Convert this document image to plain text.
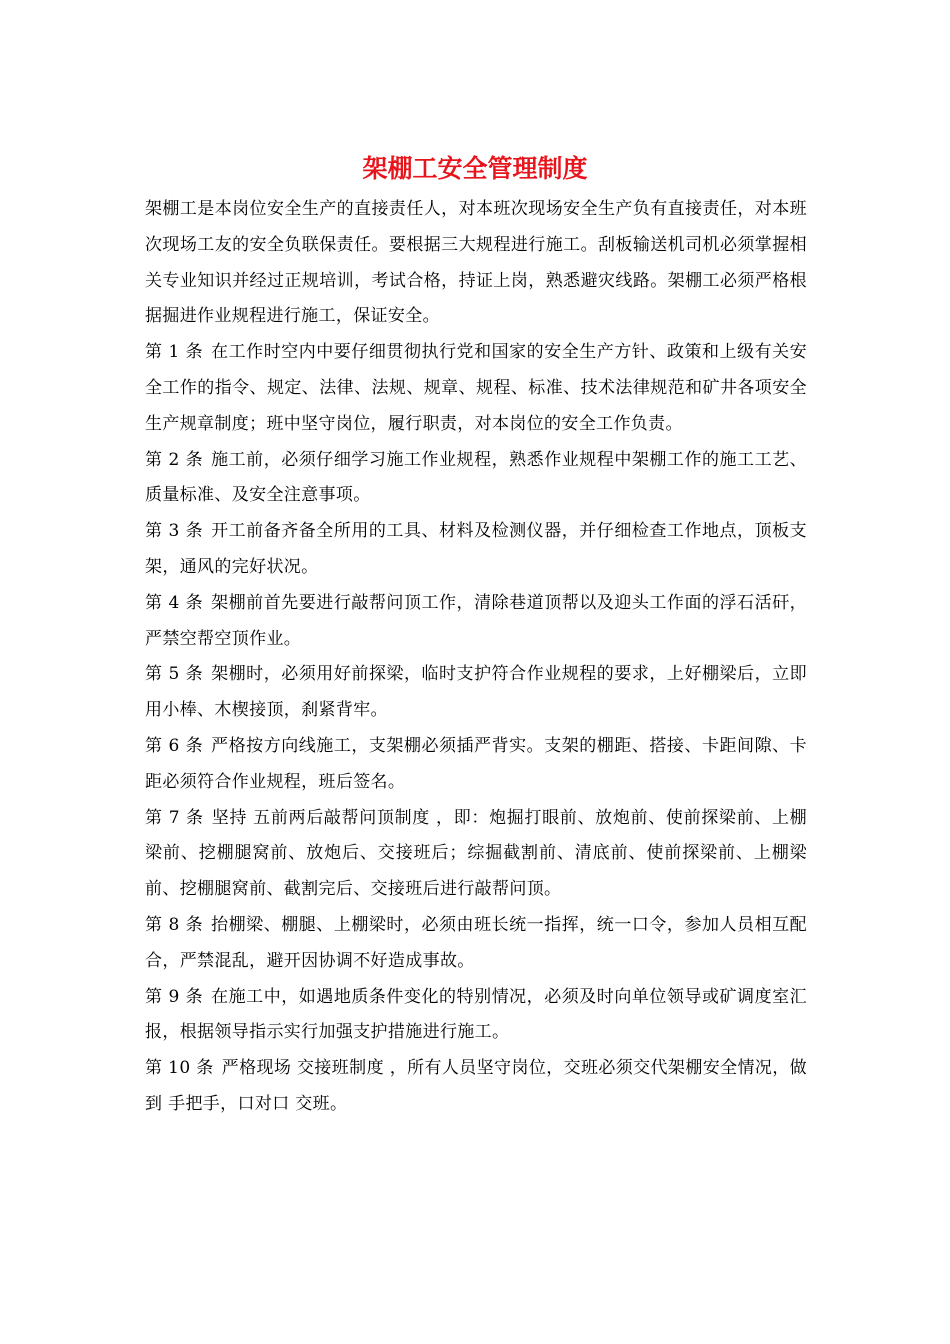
架棚工安全管理制度

架棚工是本岗位安全生产的直接责任人，对本班次现场安全生产负有直接责任，对本班次现场工友的安全负联保责任。要根据三大规程进行施工。刮板输送机司机必须掌握相关专业知识并经过正规培训，考试合格，持证上岗，熟悉避灾线路。架棚工必须严格根据掘进作业规程进行施工，保证安全。

第 1 条 在工作时空内中要仔细贯彻执行党和国家的安全生产方针、政策和上级有关安全工作的指令、规定、法律、法规、规章、规程、标准、技术法律规范和矿井各项安全生产规章制度；班中坚守岗位，履行职责，对本岗位的安全工作负责。

第 2 条 施工前，必须仔细学习施工作业规程，熟悉作业规程中架棚工作的施工工艺、质量标准、及安全注意事项。

第 3 条 开工前备齐备全所用的工具、材料及检测仪器，并仔细检查工作地点，顶板支架，通风的完好状况。

第 4 条 架棚前首先要进行敲帮问顶工作，清除巷道顶帮以及迎头工作面的浮石活矸，严禁空帮空顶作业。

第 5 条 架棚时，必须用好前探梁，临时支护符合作业规程的要求，上好棚梁后，立即用小棒、木楔接顶，刹紧背牢。

第 6 条 严格按方向线施工，支架棚必须插严背实。支架的棚距、搭接、卡距间隙、卡距必须符合作业规程，班后签名。

第 7 条 坚持 五前两后敲帮问顶制度 ，即：炮掘打眼前、放炮前、使前探梁前、上棚梁前、挖棚腿窝前、放炮后、交接班后；综掘截割前、清底前、使前探梁前、上棚梁前、挖棚腿窝前、截割完后、交接班后进行敲帮问顶。

第 8 条 抬棚梁、棚腿、上棚梁时，必须由班长统一指挥，统一口令，参加人员相互配合，严禁混乱，避开因协调不好造成事故。

第 9 条 在施工中，如遇地质条件变化的特别情况，必须及时向单位领导或矿调度室汇报，根据领导指示实行加强支护措施进行施工。

第 10 条 严格现场 交接班制度 ，所有人员坚守岗位，交班必须交代架棚安全情况，做到 手把手，口对口 交班。
